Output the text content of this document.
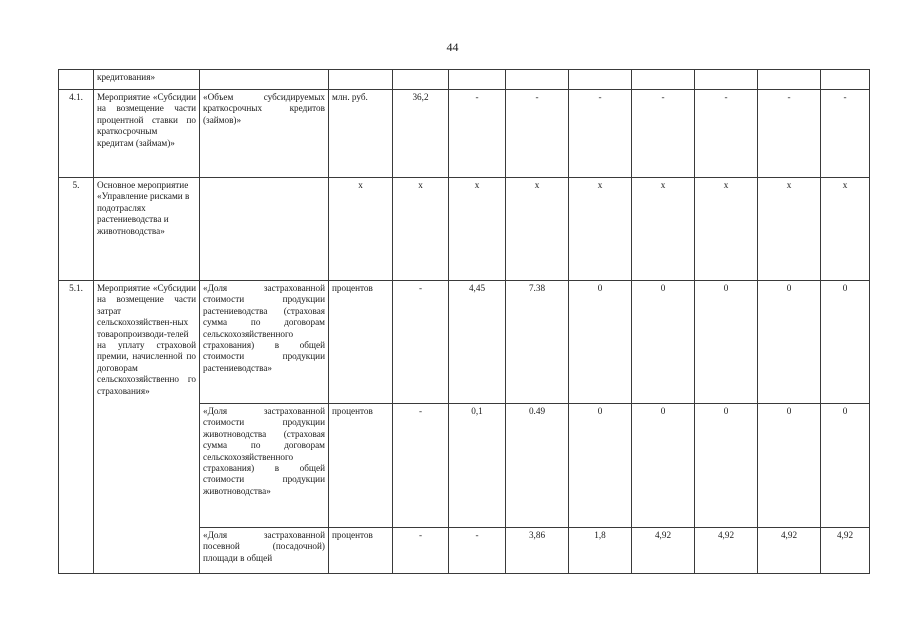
44
	кредитования»										
4.1.	Мероприятие «Субсидии на возмещение части процентной ставки по краткосрочным кредитам (займам)»	«Объем субсидируемых краткосрочных кредитов (займов)»	млн. руб.	36,2	-	-	-	-	-	-	-
5.	Основное мероприятие «Управление рисками в подотраслях растениеводства и животноводства»		х	х	х	х	х	х	х	х	х
5.1.	Мероприятие «Субсидии на возмещение части затрат сельскохозяйствен-ных товаропроизводи-телей на уплату страховой премии, начисленной по договорам сельскохозяйственно го страхования»	«Доля застрахованной стоимости продукции растениеводства (страховая сумма по договорам сельскохозяйственного страхования) в общей стоимости продукции растениеводства»	процентов	-	4,45	7.38	0	0	0	0	0
		«Доля застрахованной стоимости продукции животноводства (страховая сумма по договорам сельскохозяйственного страхования) в общей стоимости продукции животноводства»	процентов	-	0,1	0.49	0	0	0	0	0
		«Доля застрахованной посевной (посадочной) площади в общей	процентов	-	-	3,86	1,8	4,92	4,92	4,92	4,92
